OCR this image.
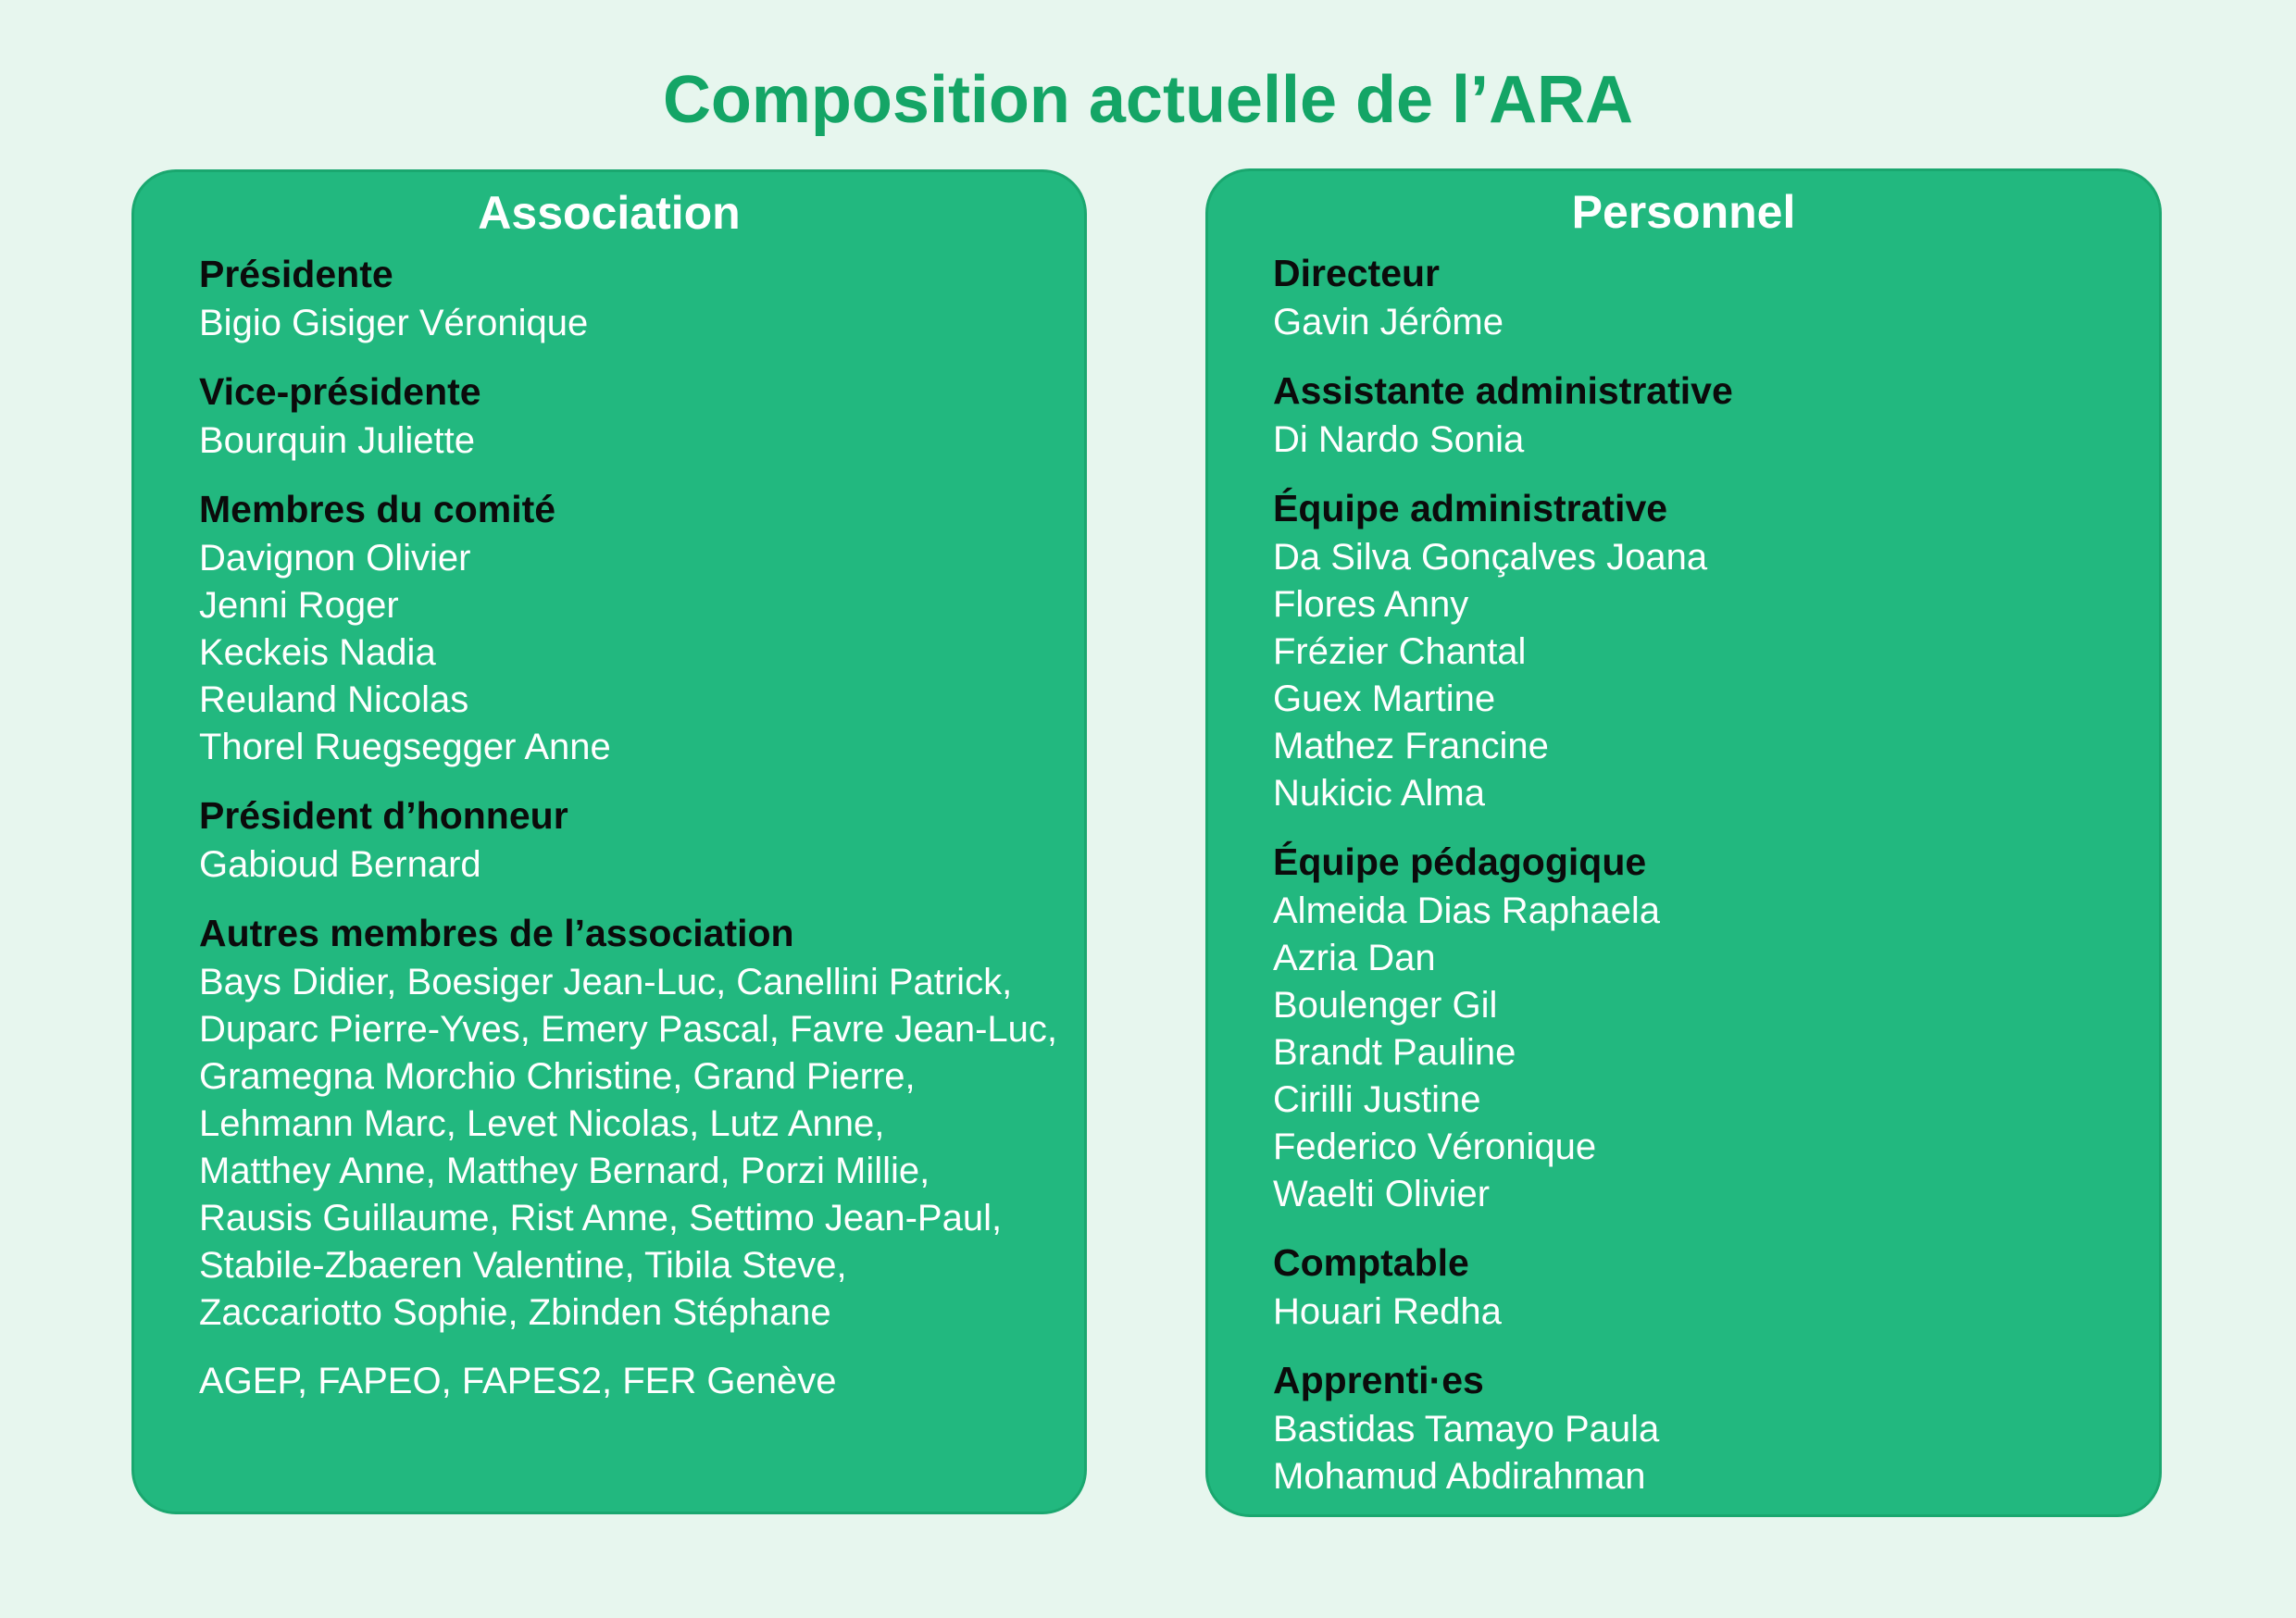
Composition actuelle de l’ARA
Association
Présidente
Bigio Gisiger Véronique
Vice-présidente
Bourquin Juliette
Membres du comité
Davignon Olivier
Jenni Roger
Keckeis Nadia
Reuland Nicolas
Thorel Ruegsegger Anne
Président d’honneur
Gabioud Bernard
Autres membres de l’association
Bays Didier, Boesiger Jean-Luc, Canellini Patrick,
Duparc Pierre-Yves, Emery Pascal, Favre Jean-Luc,
Gramegna Morchio Christine, Grand Pierre,
Lehmann Marc, Levet Nicolas, Lutz Anne,
Matthey Anne, Matthey Bernard, Porzi Millie,
Rausis Guillaume, Rist Anne, Settimo Jean-Paul,
Stabile-Zbaeren Valentine, Tibila Steve,
Zaccariotto Sophie, Zbinden Stéphane
AGEP, FAPEO, FAPES2, FER Genève
Personnel
Directeur
Gavin Jérôme
Assistante administrative
Di Nardo Sonia
Équipe administrative
Da Silva Gonçalves Joana
Flores Anny
Frézier Chantal
Guex Martine
Mathez Francine
Nukicic Alma
Équipe pédagogique
Almeida Dias Raphaela
Azria Dan
Boulenger Gil
Brandt Pauline
Cirilli Justine
Federico Véronique
Waelti Olivier
Comptable
Houari Redha
Apprenti·es
Bastidas Tamayo Paula
Mohamud Abdirahman
